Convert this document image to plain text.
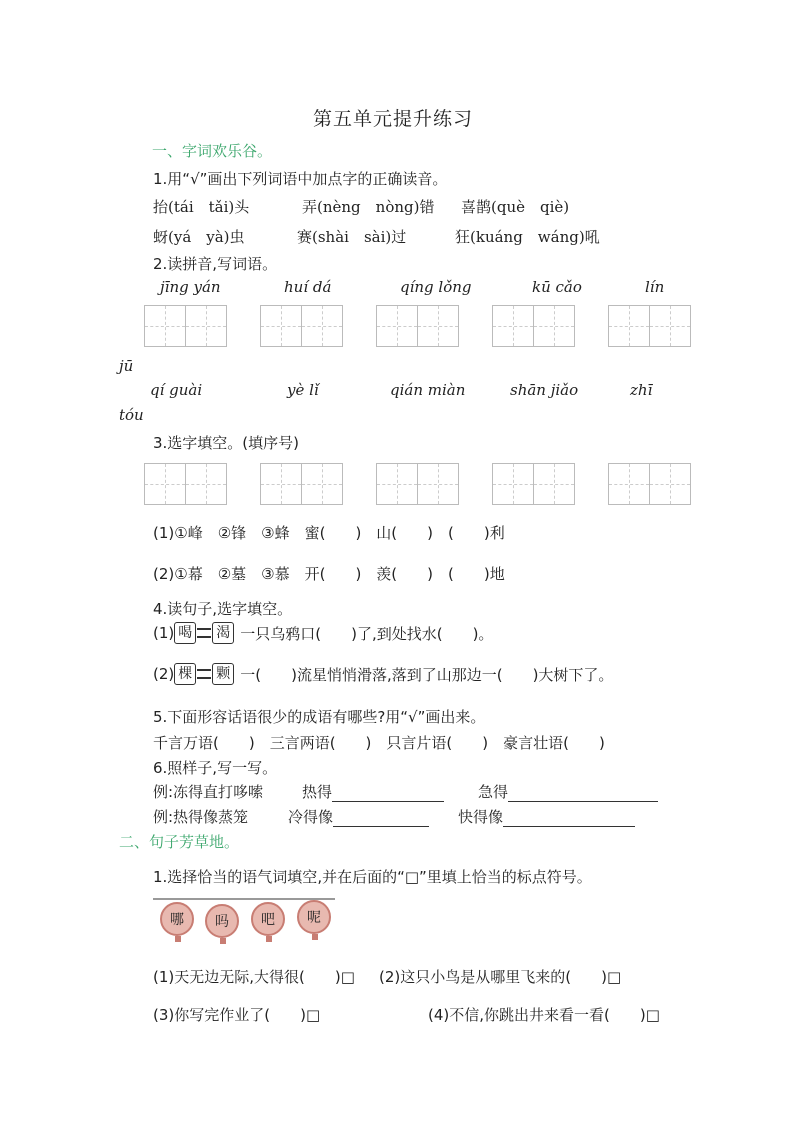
第五单元提升练习
一、字词欢乐谷。
1.用“√”画出下列词语中加点字的正确读音。
抬(tái　tǎi)头	弄(nèng　nòng)错 喜鹊(què　qiè)
蚜(yá　yà)虫	赛(shài　sài)过	狂(kuáng　wáng)吼
2.读拼音,写词语。
jīng yán	huí dá	qíng lǒng	kū cǎo	lín
jū
qí guài	yè lǐ	qián miàn	shān jiǎo	zhī
tóu
3.选字填空。(填序号)
(1)①峰　②锋　③蜂　蜜(　　)　山(　　)　(　　)利
(2)①幕　②墓　③慕　开(　　)　羡(　　)　(　　)地
4.读句子,选字填空。
(1) 喝 渴 一只乌鸦口(　　)了,到处找水(　　)。
(2) 棵 颗 一(　　)流星悄悄滑落,落到了山那边一(　　)大树下了。
5.下面形容话语很少的成语有哪些?用“√”画出来。
千言万语(　　)　三言两语(　　)　只言片语(　　)　豪言壮语(　　)
6.照样子,写一写。
例:冻得直打哆嗦	热得	急得
例:热得像蒸笼	冷得像	快得像
二、句子芳草地。
1.选择恰当的语气词填空,并在后面的“□”里填上恰当的标点符号。
哪	吗	吧	呢
(1)天无边无际,大得很(　　)□ (2)这只小鸟是从哪里飞来的(　　)□
(3)你写完作业了(　　)□	(4)不信,你跳出井来看一看(　　)□
